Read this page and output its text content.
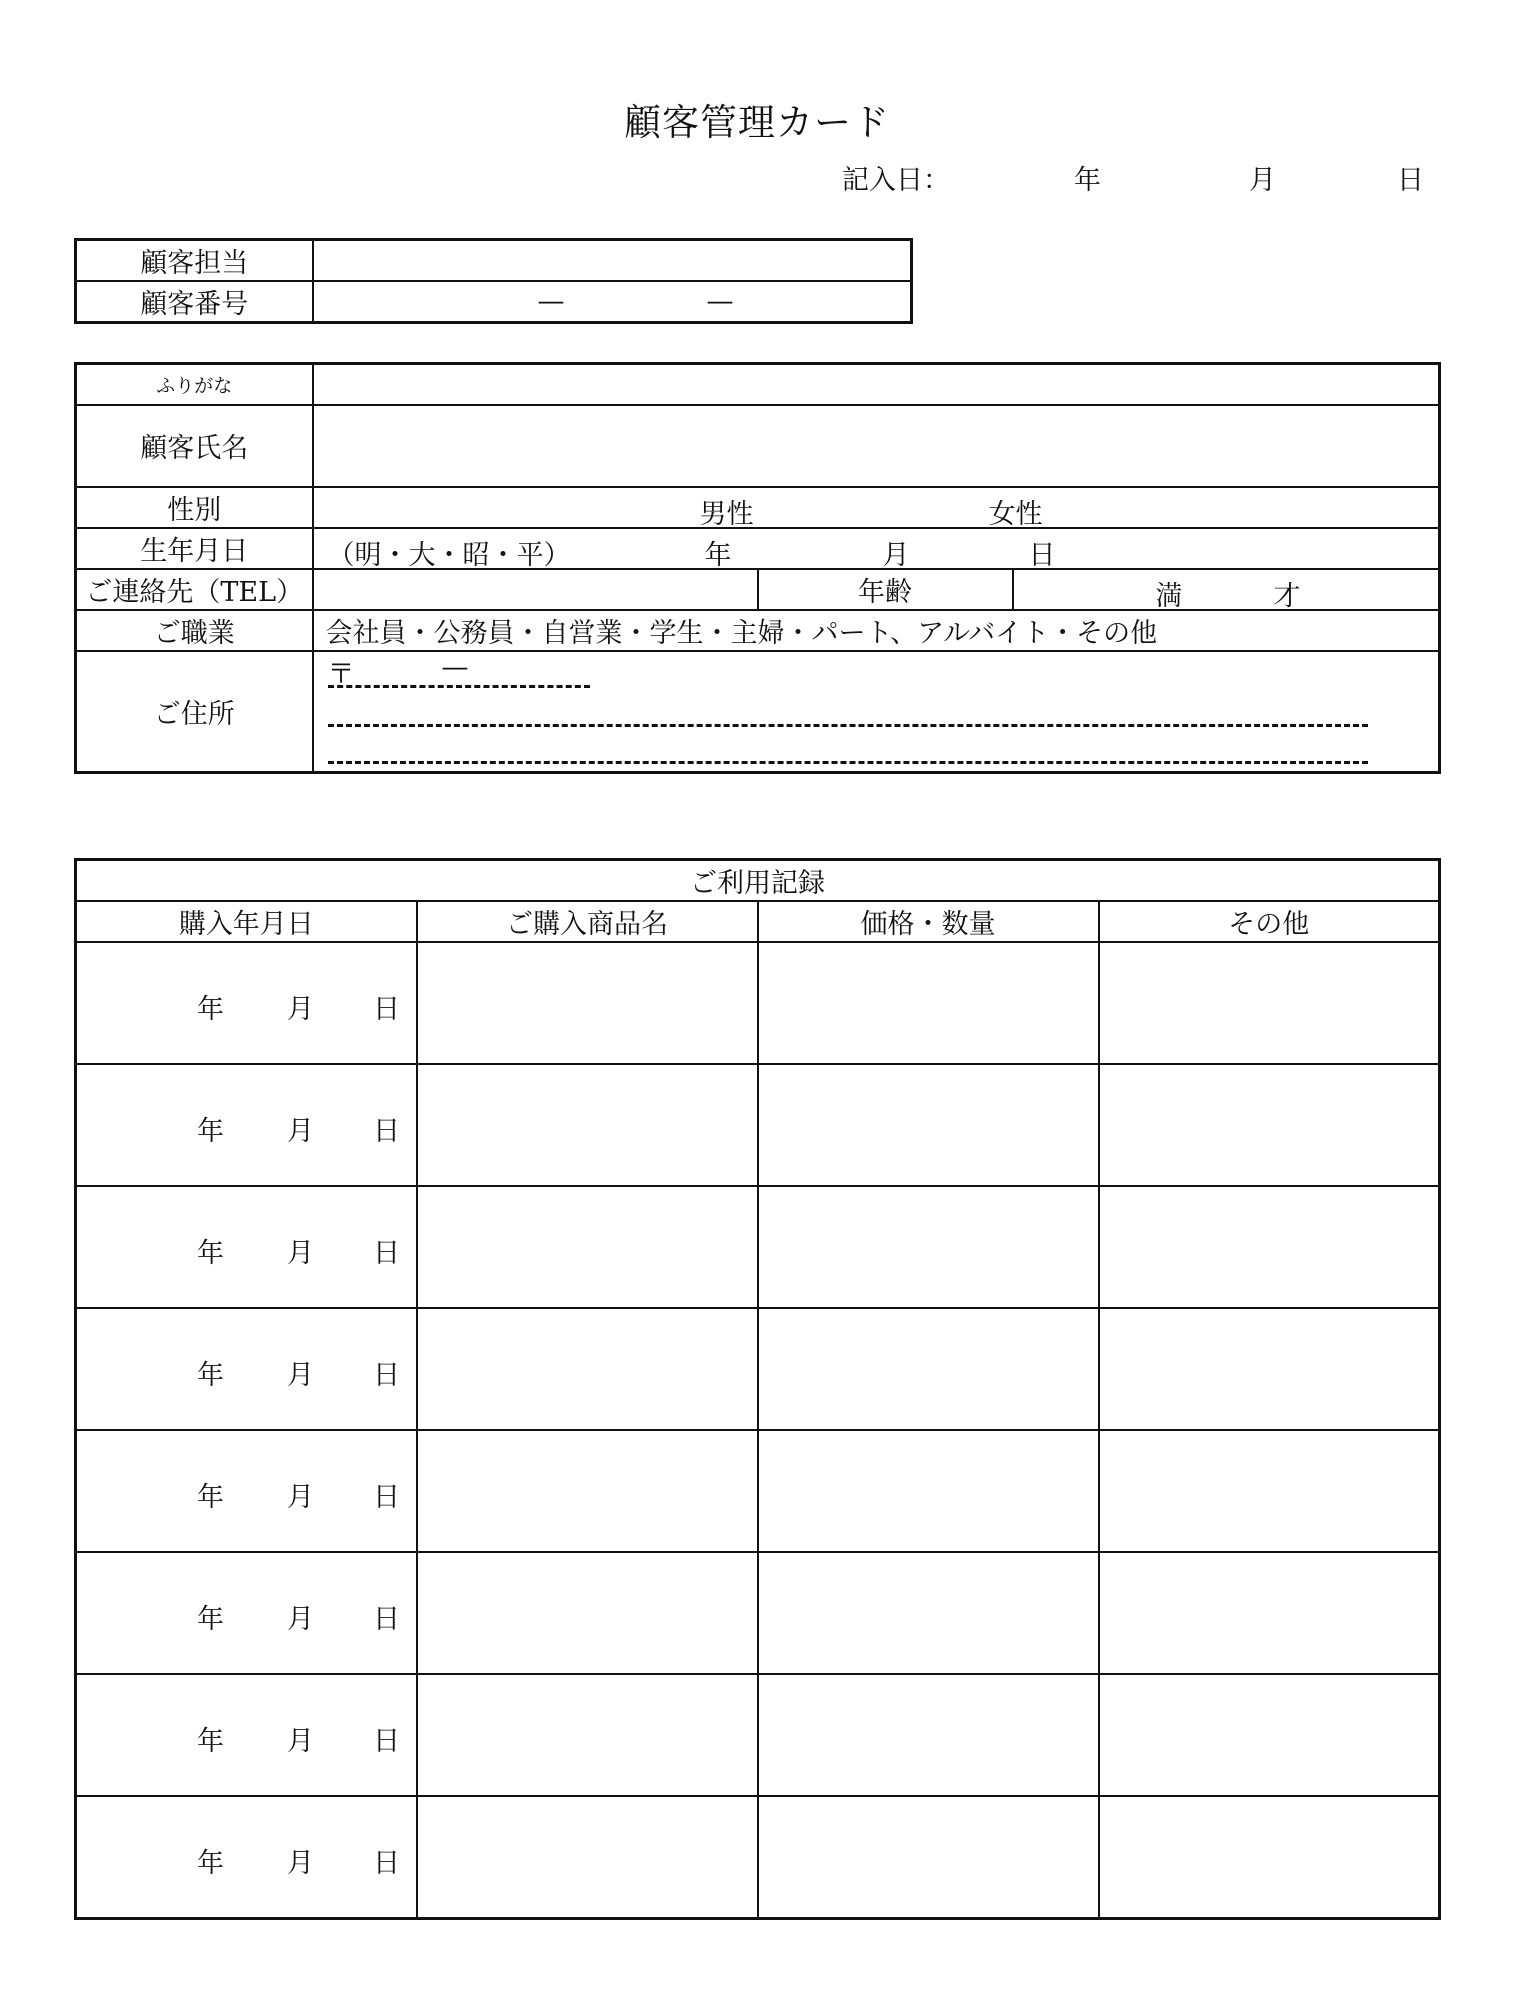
顧客管理カード
記入日：	年	月	日
顧客担当	
顧客番号	— —
ふりがな			
顧客氏名			
性別	男性 女性		

生年月日	（明・大・昭・平） 年 月 日		

ご連絡先（TEL）		年齢	満 才

ご職業	会社員・公務員・自営業・学生・主婦・パート、アルバイト・その他		
ご住所	〒 —		
ご利用記録			
購入年月日	ご購入商品名	価格・数量	その他

年 月 日			

年 月 日			

年 月 日			

年 月 日			

年 月 日			

年 月 日			

年 月 日			

年 月 日			
